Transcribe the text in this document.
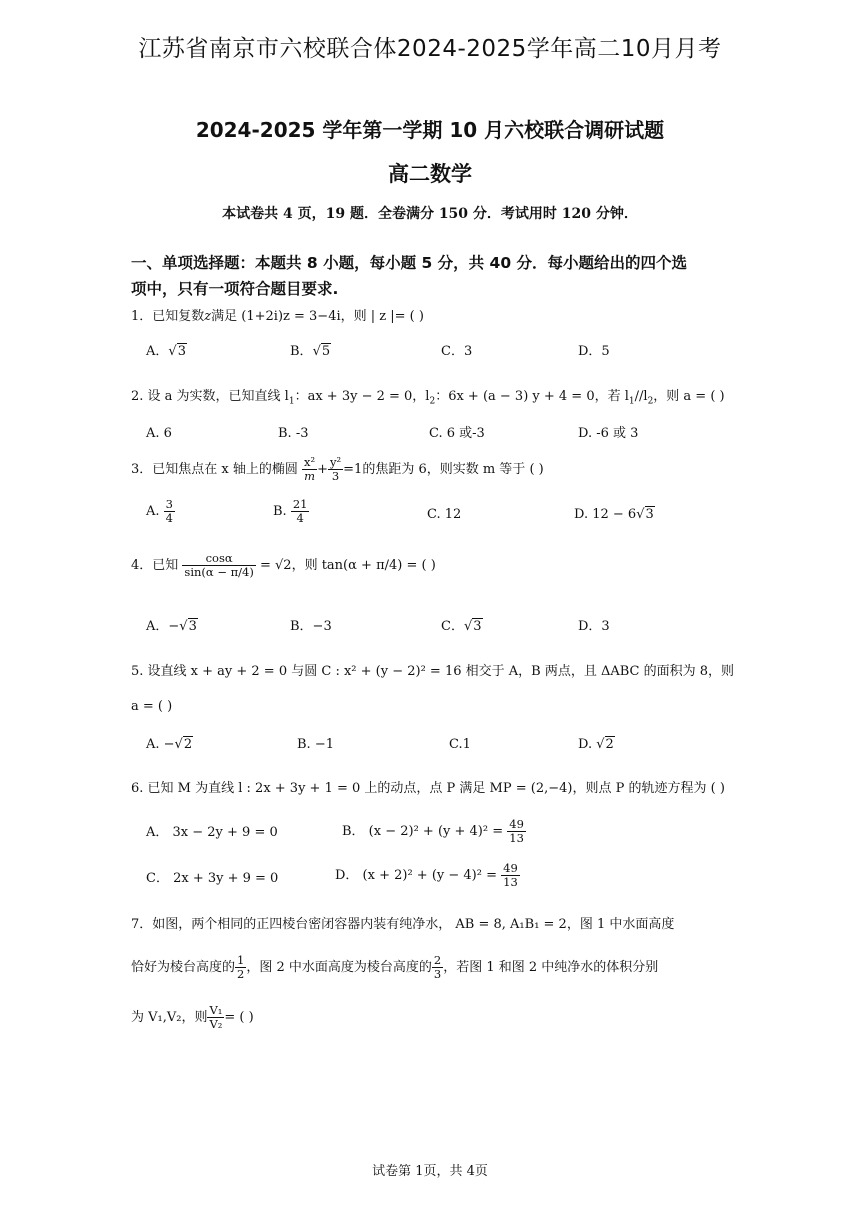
江苏省南京市六校联合体2024-2025学年高二10月月考
2024-2025 学年第一学期 10 月六校联合调研试题
高二数学
本试卷共 4 页，19 题．全卷满分 150 分．考试用时 120 分钟．
一、单项选择题：本题共 8 小题，每小题 5 分，共 40 分．每小题给出的四个选
项中，只有一项符合题目要求.
1．已知复数z满足 (1+2i)z = 3−4i，则 | z |= ( )
A．√3	B．√5	C．3	D．5
2. 设 a 为实数，已知直线 $l_1$：ax + 3y − 2 = 0，$l_2$：6x + (a − 3) y + 4 = 0，若 $l_1//l_2$，则 a = ( )
A. 6	B. -3	C. 6 或-3	D. -6 或 3
3．已知焦点在 x 轴上的椭圆 $\frac{\text{x²}}{m} + \frac{\text{y²}}{3} =1$的焦距为 6，则实数 m 等于 ( )
A. $\frac{3}{4}$	B. $\frac{21}{4}$	C. 12	D. 12 − 6√3
4．已知 $\frac{\cos\alpha}{\sin(\alpha - \pi/4)} = √2$，则 tan(α + π/4) = ( )
A．−√3	B．−3	C．√3	D．3
5. 设直线 x + ay + 2 = 0 与圆 C : x² + (y − 2)² = 16 相交于 A，B 两点，且 ΔABC 的面积为 8，则
a = ( )
A. −√2	B. −1	C.1	D. √2
6. 已知 M 为直线 l : 2x + 3y + 1 = 0 上的动点，点 P 满足 MP = (2,−4)，则点 P 的轨迹方程为 ( )
A． 3x − 2y + 9 = 0	B． $(x - 2)^2 + (y + 4)^2 = \frac{49}{13}$
C． 2x + 3y + 9 = 0	D． $(x + 2)^2 + (y - 4)^2 = \frac{49}{13}$
7．如图，两个相同的正四棱台密闭容器内装有纯净水， AB = 8, A₁B₁ = 2，图 1 中水面高度
恰好为棱台高度的 $\frac{1}{2}$ ，图 2 中水面高度为棱台高度的 $\frac{2}{3}$ ，若图 1 和图 2 中纯净水的体积分别
为 V₁,V₂，则 $\frac{\text{V₁}}{\text{V₂}}$ = ( )
试卷第 1页，共 4页
